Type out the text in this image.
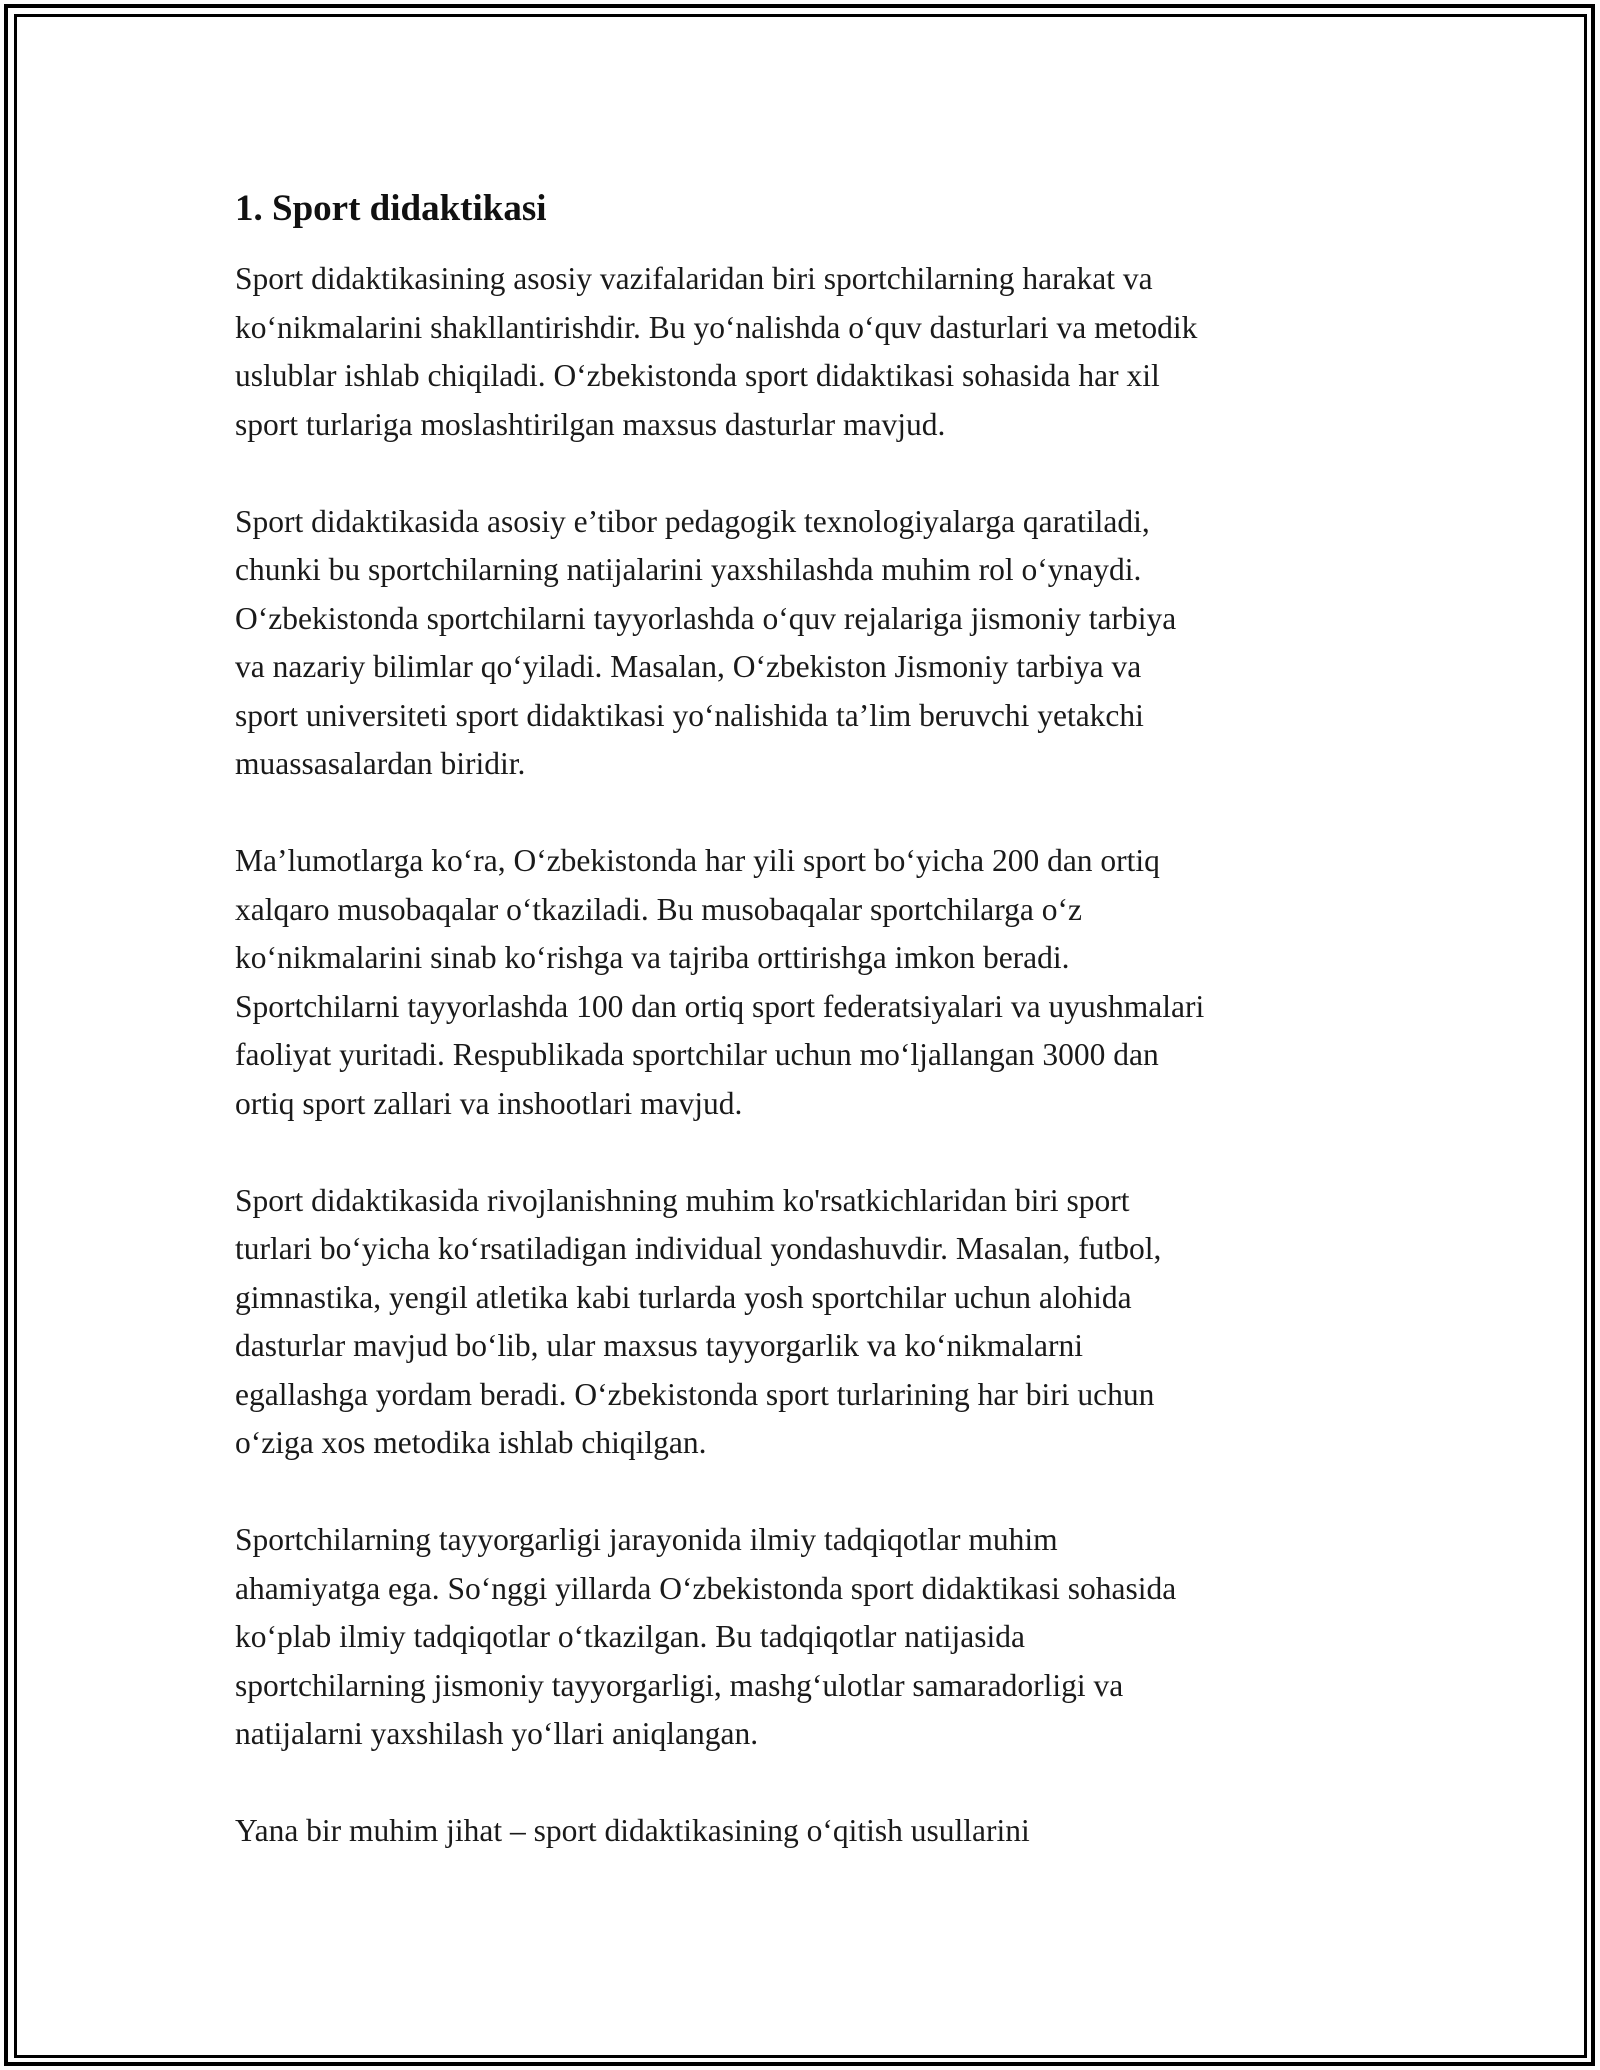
1. Sport didaktikasi

Sport didaktikasining asosiy vazifalaridan biri sportchilarning harakat va
ko‘nikmalarini shakllantirishdir. Bu yo‘nalishda o‘quv dasturlari va metodik
uslublar ishlab chiqiladi. O‘zbekistonda sport didaktikasi sohasida har xil
sport turlariga moslashtirilgan maxsus dasturlar mavjud.

Sport didaktikasida asosiy e’tibor pedagogik texnologiyalarga qaratiladi,
chunki bu sportchilarning natijalarini yaxshilashda muhim rol o‘ynaydi.
O‘zbekistonda sportchilarni tayyorlashda o‘quv rejalariga jismoniy tarbiya
va nazariy bilimlar qo‘yiladi. Masalan, O‘zbekiston Jismoniy tarbiya va
sport universiteti sport didaktikasi yo‘nalishida ta’lim beruvchi yetakchi
muassasalardan biridir.

Ma’lumotlarga ko‘ra, O‘zbekistonda har yili sport bo‘yicha 200 dan ortiq
xalqaro musobaqalar o‘tkaziladi. Bu musobaqalar sportchilarga o‘z
ko‘nikmalarini sinab ko‘rishga va tajriba orttirishga imkon beradi.
Sportchilarni tayyorlashda 100 dan ortiq sport federatsiyalari va uyushmalari
faoliyat yuritadi. Respublikada sportchilar uchun mo‘ljallangan 3000 dan
ortiq sport zallari va inshootlari mavjud.

Sport didaktikasida rivojlanishning muhim ko'rsatkichlaridan biri sport
turlari bo‘yicha ko‘rsatiladigan individual yondashuvdir. Masalan, futbol,
gimnastika, yengil atletika kabi turlarda yosh sportchilar uchun alohida
dasturlar mavjud bo‘lib, ular maxsus tayyorgarlik va ko‘nikmalarni
egallashga yordam beradi. O‘zbekistonda sport turlarining har biri uchun
o‘ziga xos metodika ishlab chiqilgan.

Sportchilarning tayyorgarligi jarayonida ilmiy tadqiqotlar muhim
ahamiyatga ega. So‘nggi yillarda O‘zbekistonda sport didaktikasi sohasida
ko‘plab ilmiy tadqiqotlar o‘tkazilgan. Bu tadqiqotlar natijasida
sportchilarning jismoniy tayyorgarligi, mashg‘ulotlar samaradorligi va
natijalarni yaxshilash yo‘llari aniqlangan.

Yana bir muhim jihat – sport didaktikasining o‘qitish usullarini
